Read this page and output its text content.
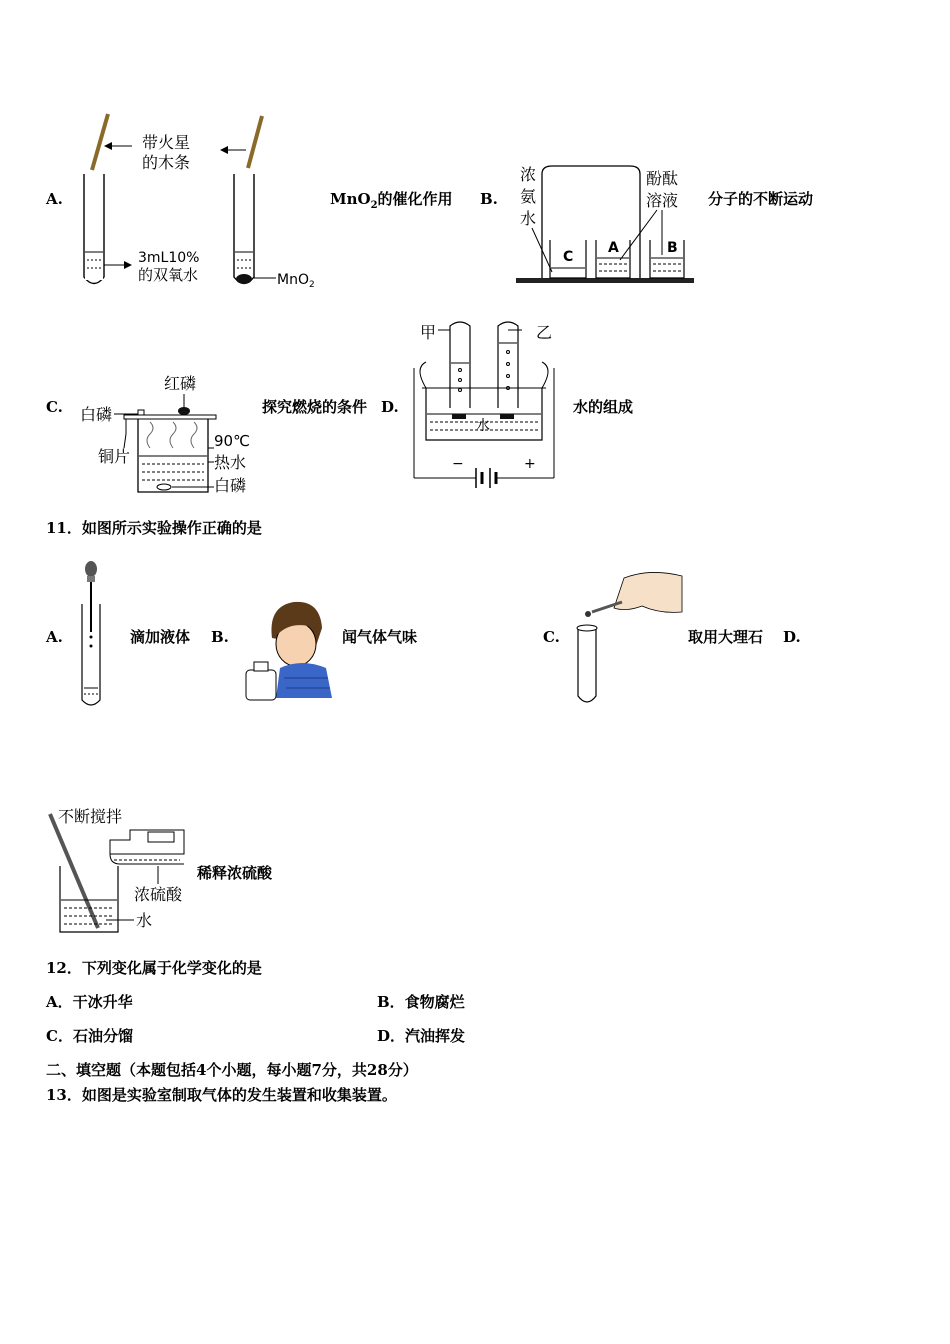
A.
带火星
的木条
3mL10%
的双氧水	MnO$_2$
MnO$_2$的催化作用 B.
C
A	B
浓
氨
水
酚酞
溶液 分子的不断运动
C.
红磷
白磷
铜片
90℃
热水
白磷
探究燃烧的条件 D.
甲	乙
水
−	+
水的组成
11．如图所示实验操作正确的是
A.	滴加液体 B.	闻气体气味	C.	取用大理石 D.
不断搅拌
浓硫酸
水
稀释浓硫酸
12．下列变化属于化学变化的是
A．干冰升华	B．食物腐烂
C．石油分馏	D．汽油挥发
二、填空题（本题包括4个小题，每小题7分，共28分）
13．如图是实验室制取气体的发生装置和收集装置。
